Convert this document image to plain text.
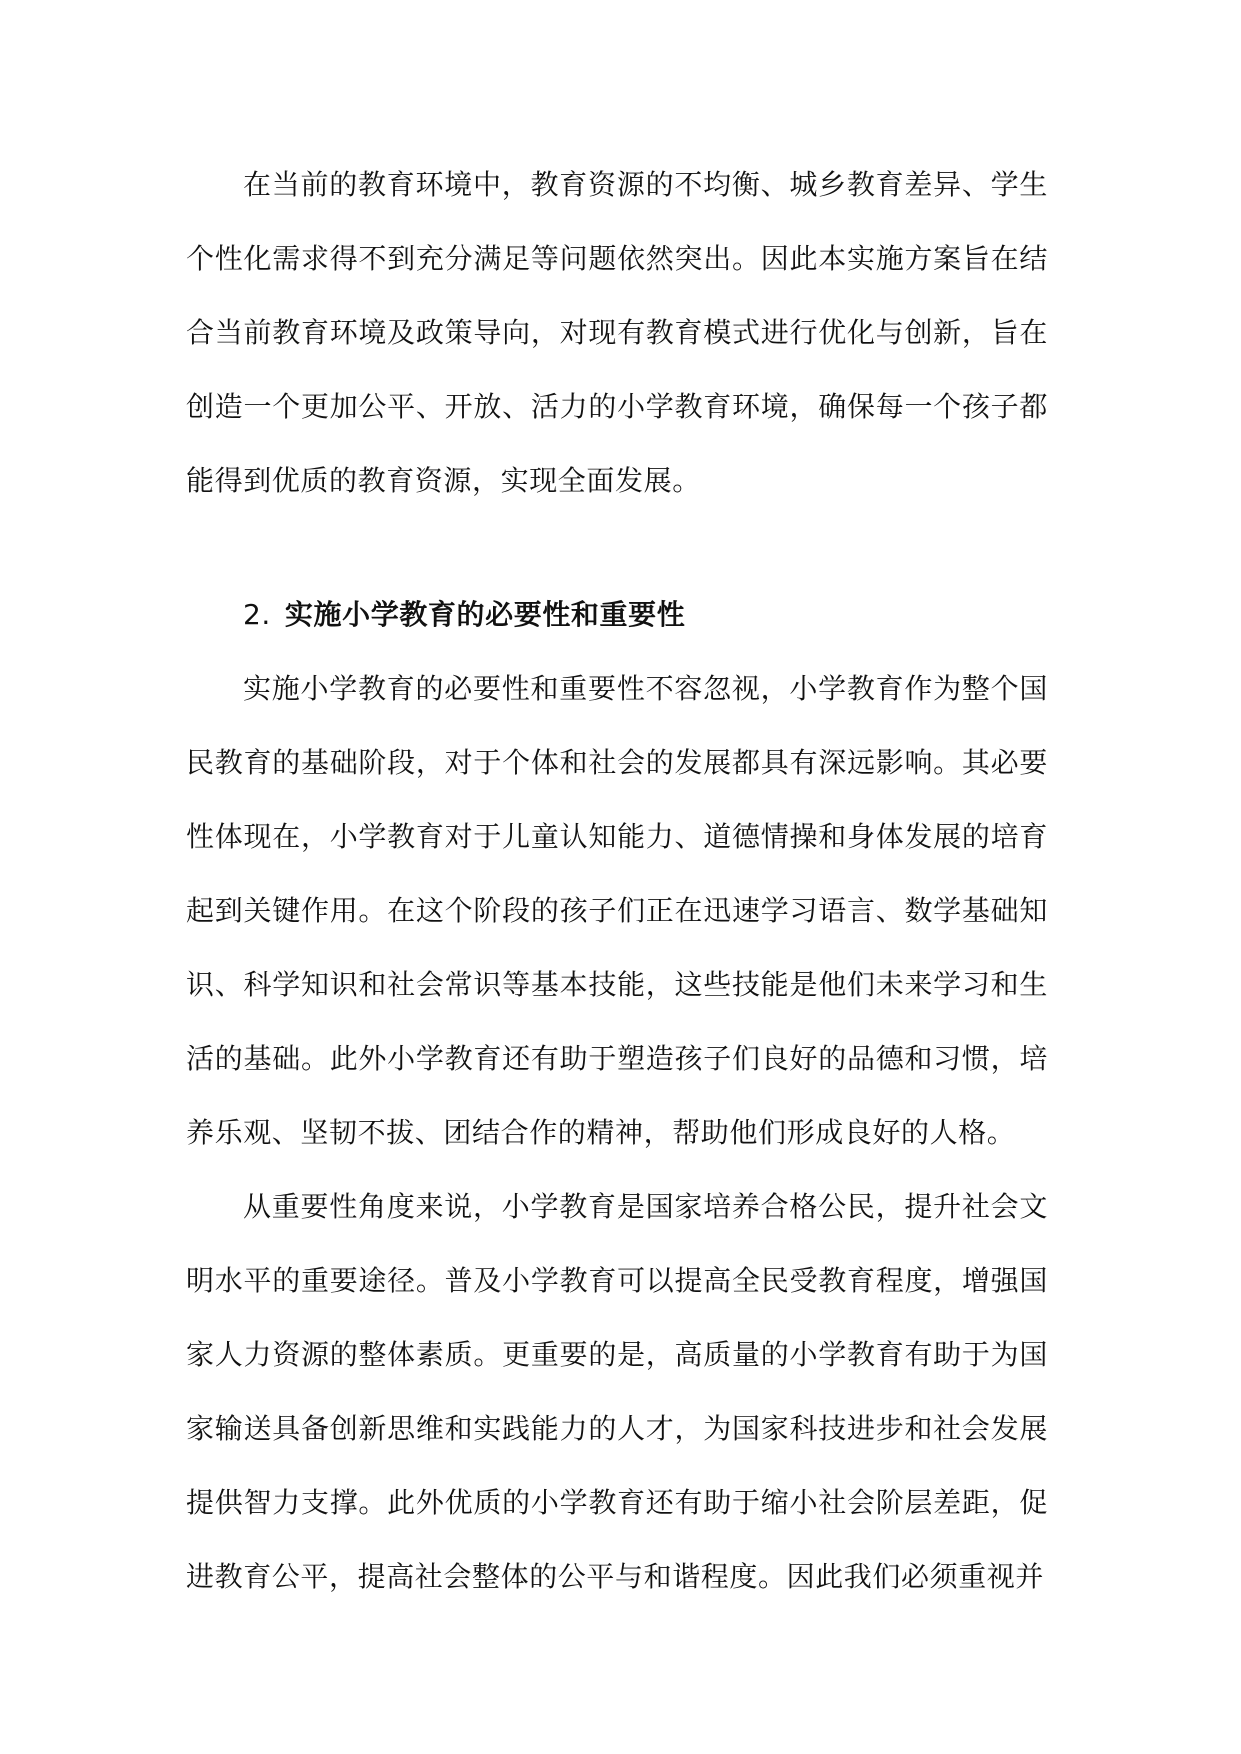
在当前的教育环境中，教育资源的不均衡、城乡教育差异、学生个性化需求得不到充分满足等问题依然突出。因此本实施方案旨在结合当前教育环境及政策导向，对现有教育模式进行优化与创新，旨在创造一个更加公平、开放、活力的小学教育环境，确保每一个孩子都能得到优质的教育资源，实现全面发展。

2. 实施小学教育的必要性和重要性

实施小学教育的必要性和重要性不容忽视，小学教育作为整个国民教育的基础阶段，对于个体和社会的发展都具有深远影响。其必要性体现在，小学教育对于儿童认知能力、道德情操和身体发展的培育起到关键作用。在这个阶段的孩子们正在迅速学习语言、数学基础知识、科学知识和社会常识等基本技能，这些技能是他们未来学习和生活的基础。此外小学教育还有助于塑造孩子们良好的品德和习惯，培养乐观、坚韧不拔、团结合作的精神，帮助他们形成良好的人格。

从重要性角度来说，小学教育是国家培养合格公民，提升社会文明水平的重要途径。普及小学教育可以提高全民受教育程度，增强国家人力资源的整体素质。更重要的是，高质量的小学教育有助于为国家输送具备创新思维和实践能力的人才，为国家科技进步和社会发展提供智力支撑。此外优质的小学教育还有助于缩小社会阶层差距，促进教育公平，提高社会整体的公平与和谐程度。因此我们必须重视并
